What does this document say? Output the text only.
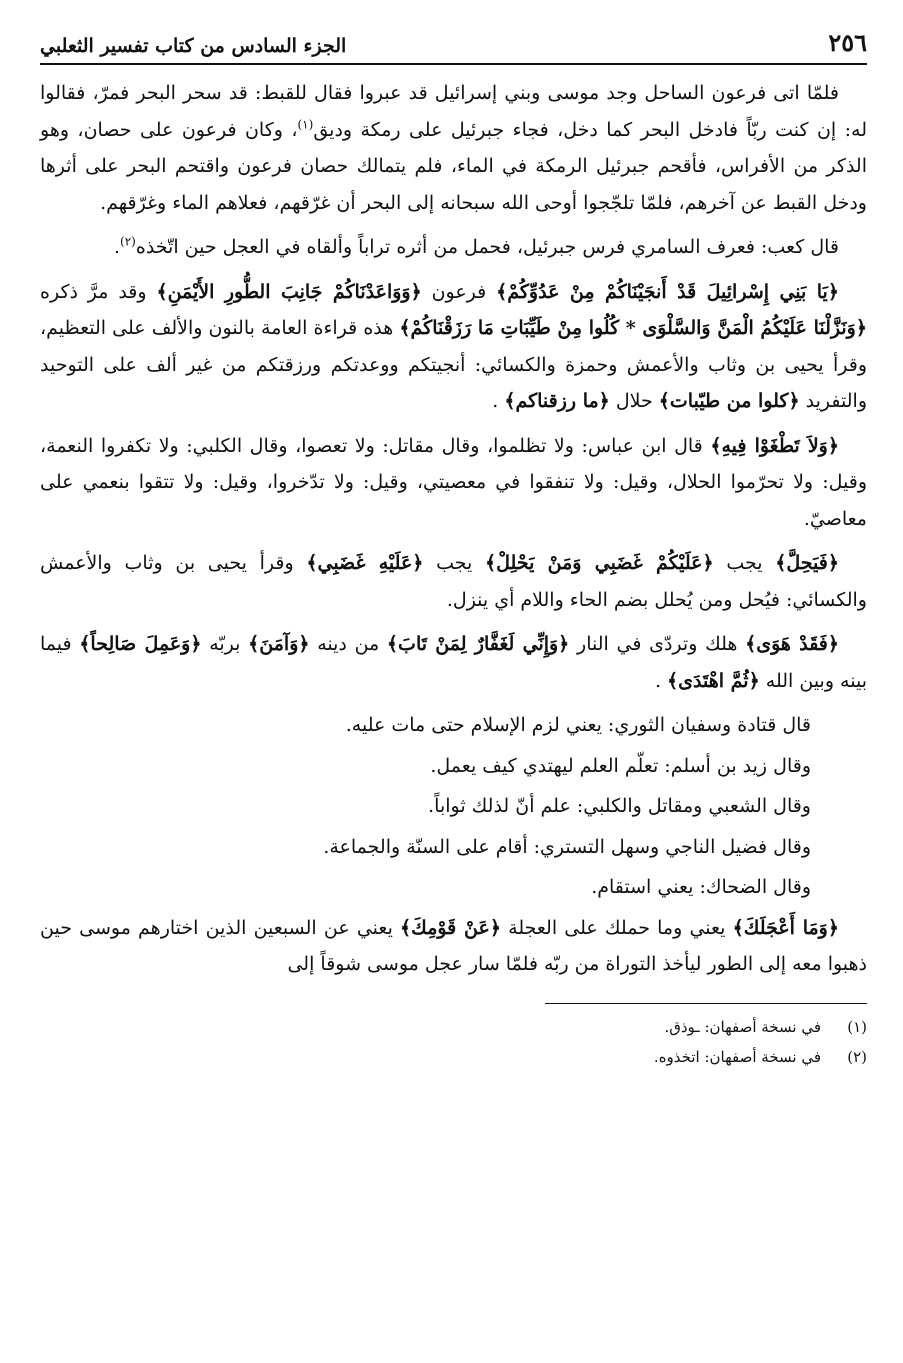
٢٥٦
الجزء السادس من كتاب تفسير الثعلبي

فلمّا اتى فرعون الساحل وجد موسى وبني إسرائيل قد عبروا فقال للقبط: قد سحر البحر فمرّ، فقالوا له: إن كنت ربّاً فادخل البحر كما دخل، فجاء جبرئيل على رمكة وديق$^{(١)}$، وكان فرعون على حصان، وهو الذكر من الأفراس، فأقحم جبرئيل الرمكة في الماء، فلم يتمالك حصان فرعون واقتحم البحر على أثرها ودخل القبط عن آخرهم، فلمّا تلجّجوا أوحى الله سبحانه إلى البحر أن غرّقهم، فعلاهم الماء وغرّقهم.

قال كعب: فعرف السامري فرس جبرئيل، فحمل من أثره تراباً وألقاه في العجل حين اتّخذه$^{(٢)}$.

﴿يَا بَنِي إِسْرائِيلَ قَدْ أَنجَيْنَاكُمْ مِنْ عَدُوِّكُمْ﴾ فرعون ﴿وَوَاعَدْنَاكُمْ جَانِبَ الطُّورِ الأَيْمَنِ﴾ وقد مرَّ ذكره ﴿وَنَزَّلْنَا عَلَيْكُمُ الْمَنَّ وَالسَّلْوَى * كُلُوا مِنْ طَيِّبَاتِ مَا رَزَقْنَاكُمْ﴾ هذه قراءة العامة بالنون والألف على التعظيم، وقرأ يحيى بن وثاب والأعمش وحمزة والكسائي: أنجيتكم ووعدتكم ورزقتكم من غير ألف على التوحيد والتفريد ﴿كلوا من طيّبات﴾ حلال ﴿ما رزقناكم﴾ .

﴿وَلاَ تَطْغَوْا فِيهِ﴾ قال ابن عباس: ولا تظلموا، وقال مقاتل: ولا تعصوا، وقال الكلبي: ولا تكفروا النعمة، وقيل: ولا تحرّموا الحلال، وقيل: ولا تنفقوا في معصيتي، وقيل: ولا تدّخروا، وقيل: ولا تتقوا بنعمي على معاصيّ.

﴿فَيَحِلَّ﴾ يجب ﴿عَلَيْكُمْ غَضَبِي وَمَنْ يَحْلِلْ﴾ يجب ﴿عَلَيْهِ غَضَبِي﴾ وقرأ يحيى بن وثاب والأعمش والكسائي: فيُحل ومن يُحلل بضم الحاء واللام أي ينزل.

﴿فَقَدْ هَوَى﴾ هلك وتردّى في النار ﴿وَإِنِّي لَغَفَّارٌ لِمَنْ تَابَ﴾ من دينه ﴿وَآمَنَ﴾ بربّه ﴿وَعَمِلَ صَالِحاً﴾ فيما بينه وبين الله ﴿ثُمَّ اهْتَدَى﴾ .

قال قتادة وسفيان الثوري: يعني لزم الإسلام حتى مات عليه.

وقال زيد بن أسلم: تعلّم العلم ليهتدي كيف يعمل.

وقال الشعبي ومقاتل والكلبي: علم أنّ لذلك ثواباً.

وقال فضيل الناجي وسهل التستري: أقام على السنّة والجماعة.

وقال الضحاك: يعني استقام.

﴿وَمَا أَعْجَلَكَ﴾ يعني وما حملك على العجلة ﴿عَنْ قَوْمِكَ﴾ يعني عن السبعين الذين اختارهم موسى حين ذهبوا معه إلى الطور ليأخذ التوراة من ربّه فلمّا سار عجل موسى شوقاً إلى

(١)
في نسخة أصفهان: ـوذق.
(٢)
في نسخة أصفهان: اتخذوه.
